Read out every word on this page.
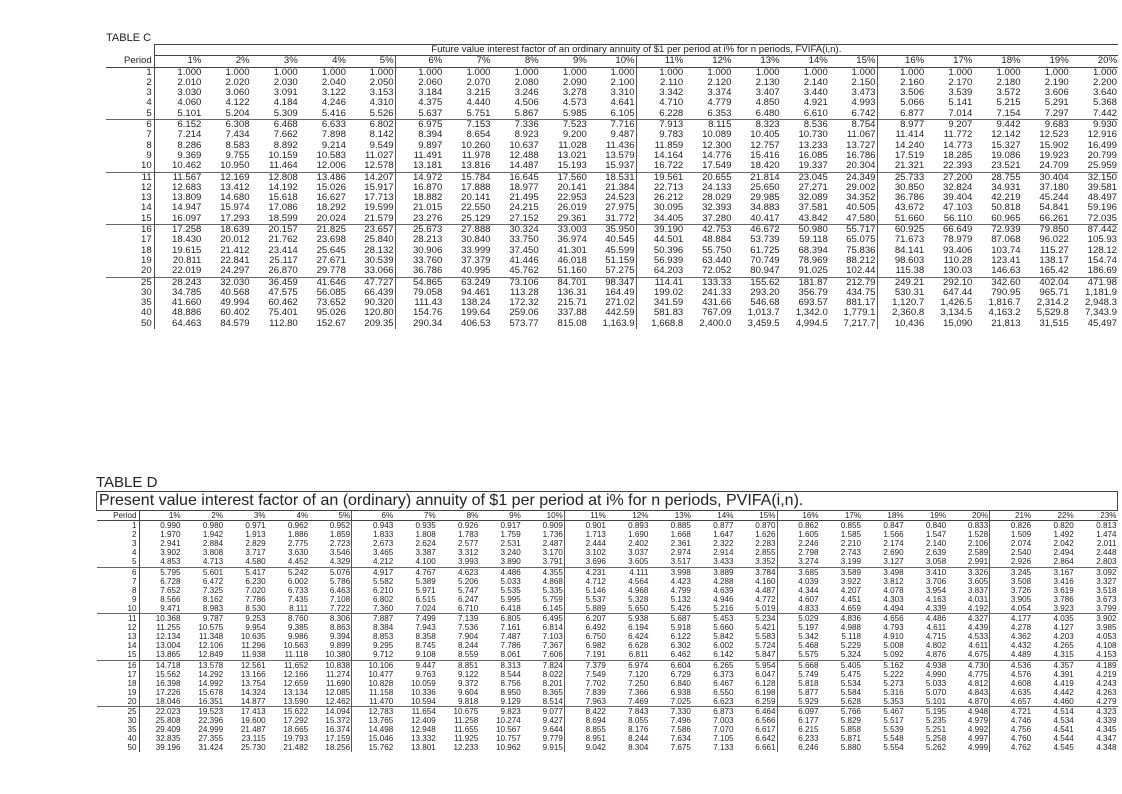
TABLE C
	Future value interest factor of an ordinary annuity of $1 per period at i% for n periods, FVIFA(i,n).																			
Period	1%	2%	3%	4%	5%	6%	7%	8%	9%	10%	11%	12%	13%	14%	15%	16%	17%	18%	19%	20%
1	1.000	1.000	1.000	1.000	1.000	1.000	1.000	1.000	1.000	1.000	1.000	1.000	1.000	1.000	1.000	1.000	1.000	1.000	1.000	1.000
2	2.010	2.020	2.030	2.040	2.050	2.060	2.070	2.080	2.090	2.100	2.110	2.120	2.130	2.140	2.150	2.160	2.170	2.180	2.190	2.200
3	3.030	3.060	3.091	3.122	3.153	3.184	3.215	3.246	3.278	3.310	3.342	3.374	3.407	3.440	3.473	3.506	3.539	3.572	3.606	3.640
4	4.060	4.122	4.184	4.246	4.310	4.375	4.440	4.506	4.573	4.641	4.710	4.779	4.850	4.921	4.993	5.066	5.141	5.215	5.291	5.368
5	5.101	5.204	5.309	5.416	5.526	5.637	5.751	5.867	5.985	6.105	6.228	6.353	6.480	6.610	6.742	6.877	7.014	7.154	7.297	7.442
6	6.152	6.308	6.468	6.633	6.802	6.975	7.153	7.336	7.523	7.716	7.913	8.115	8.323	8.536	8.754	8.977	9.207	9.442	9.683	9.930
7	7.214	7.434	7.662	7.898	8.142	8.394	8.654	8.923	9.200	9.487	9.783	10.089	10.405	10.730	11.067	11.414	11.772	12.142	12.523	12.916
8	8.286	8.583	8.892	9.214	9.549	9.897	10.260	10.637	11.028	11.436	11.859	12.300	12.757	13.233	13.727	14.240	14.773	15.327	15.902	16.499
9	9.369	9.755	10.159	10.583	11.027	11.491	11.978	12.488	13.021	13.579	14.164	14.776	15.416	16.085	16.786	17.519	18.285	19.086	19.923	20.799
10	10.462	10.950	11.464	12.006	12.578	13.181	13.816	14.487	15.193	15.937	16.722	17.549	18.420	19.337	20.304	21.321	22.393	23.521	24.709	25.959
11	11.567	12.169	12.808	13.486	14.207	14.972	15.784	16.645	17.560	18.531	19.561	20.655	21.814	23.045	24.349	25.733	27.200	28.755	30.404	32.150
12	12.683	13.412	14.192	15.026	15.917	16.870	17.888	18.977	20.141	21.384	22.713	24.133	25.650	27.271	29.002	30.850	32.824	34.931	37.180	39.581
13	13.809	14.680	15.618	16.627	17.713	18.882	20.141	21.495	22.953	24.523	26.212	28.029	29.985	32.089	34.352	36.786	39.404	42.219	45.244	48.497
14	14.947	15.974	17.086	18.292	19.599	21.015	22.550	24.215	26.019	27.975	30.095	32.393	34.883	37.581	40.505	43.672	47.103	50.818	54.841	59.196
15	16.097	17.293	18.599	20.024	21.579	23.276	25.129	27.152	29.361	31.772	34.405	37.280	40.417	43.842	47.580	51.660	56.110	60.965	66.261	72.035
16	17.258	18.639	20.157	21.825	23.657	25.673	27.888	30.324	33.003	35.950	39.190	42.753	46.672	50.980	55.717	60.925	66.649	72.939	79.850	87.442
17	18.430	20.012	21.762	23.698	25.840	28.213	30.840	33.750	36.974	40.545	44.501	48.884	53.739	59.118	65.075	71.673	78.979	87.068	96.022	105.93
18	19.615	21.412	23.414	25.645	28.132	30.906	33.999	37.450	41.301	45.599	50.396	55.750	61.725	68.394	75.836	84.141	93.406	103.74	115.27	128.12
19	20.811	22.841	25.117	27.671	30.539	33.760	37.379	41.446	46.018	51.159	56.939	63.440	70.749	78.969	88.212	98.603	110.28	123.41	138.17	154.74
20	22.019	24.297	26.870	29.778	33.066	36.786	40.995	45.762	51.160	57.275	64.203	72.052	80.947	91.025	102.44	115.38	130.03	146.63	165.42	186.69
25	28.243	32.030	36.459	41.646	47.727	54.865	63.249	73.106	84.701	98.347	114.41	133.33	155.62	181.87	212.79	249.21	292.10	342.60	402.04	471.98
30	34.785	40.568	47.575	56.085	66.439	79.058	94.461	113.28	136.31	164.49	199.02	241.33	293.20	356.79	434.75	530.31	647.44	790.95	965.71	1,181.9
35	41.660	49.994	60.462	73.652	90.320	111.43	138.24	172.32	215.71	271.02	341.59	431.66	546.68	693.57	881.17	1,120.7	1,426.5	1,816.7	2,314.2	2,948.3
40	48.886	60.402	75.401	95.026	120.80	154.76	199.64	259.06	337.88	442.59	581.83	767.09	1,013.7	1,342.0	1,779.1	2,360.8	3,134.5	4,163.2	5,529.8	7,343.9
50	64.463	84.579	112.80	152.67	209.35	290.34	406.53	573.77	815.08	1,163.9	1,668.8	2,400.0	3,459.5	4,994.5	7,217.7	10,436	15,090	21,813	31,515	45,497
TABLE D
Present value interest factor of an (ordinary) annuity of $1 per period at i% for n periods, PVIFA(i,n).																							
Period	1%	2%	3%	4%	5%	6%	7%	8%	9%	10%	11%	12%	13%	14%	15%	16%	17%	18%	19%	20%	21%	22%	23%
1	0.990	0.980	0.971	0.962	0.952	0.943	0.935	0.926	0.917	0.909	0.901	0.893	0.885	0.877	0.870	0.862	0.855	0.847	0.840	0.833	0.826	0.820	0.813
2	1.970	1.942	1.913	1.886	1.859	1.833	1.808	1.783	1.759	1.736	1.713	1.690	1.668	1.647	1.626	1.605	1.585	1.566	1.547	1.528	1.509	1.492	1.474
3	2.941	2.884	2.829	2.775	2.723	2.673	2.624	2.577	2.531	2.487	2.444	2.402	2.361	2.322	2.283	2.246	2.210	2.174	2.140	2.106	2.074	2.042	2.011
4	3.902	3.808	3.717	3.630	3.546	3.465	3.387	3.312	3.240	3.170	3.102	3.037	2.974	2.914	2.855	2.798	2.743	2.690	2.639	2.589	2.540	2.494	2.448
5	4.853	4.713	4.580	4.452	4.329	4.212	4.100	3.993	3.890	3.791	3.696	3.605	3.517	3.433	3.352	3.274	3.199	3.127	3.058	2.991	2.926	2.864	2.803
6	5.795	5.601	5.417	5.242	5.076	4.917	4.767	4.623	4.486	4.355	4.231	4.111	3.998	3.889	3.784	3.685	3.589	3.498	3.410	3.326	3.245	3.167	3.092
7	6.728	6.472	6.230	6.002	5.786	5.582	5.389	5.206	5.033	4.868	4.712	4.564	4.423	4.288	4.160	4.039	3.922	3.812	3.706	3.605	3.508	3.416	3.327
8	7.652	7.325	7.020	6.733	6.463	6.210	5.971	5.747	5.535	5.335	5.146	4.968	4.799	4.639	4.487	4.344	4.207	4.078	3.954	3.837	3.726	3.619	3.518
9	8.566	8.162	7.786	7.435	7.108	6.802	6.515	6.247	5.995	5.759	5.537	5.328	5.132	4.946	4.772	4.607	4.451	4.303	4.163	4.031	3.905	3.786	3.673
10	9.471	8.983	8.530	8.111	7.722	7.360	7.024	6.710	6.418	6.145	5.889	5.650	5.426	5.216	5.019	4.833	4.659	4.494	4.339	4.192	4.054	3.923	3.799
11	10.368	9.787	9.253	8.760	8.306	7.887	7.499	7.139	6.805	6.495	6.207	5.938	5.687	5.453	5.234	5.029	4.836	4.656	4.486	4.327	4.177	4.035	3.902
12	11.255	10.575	9.954	9.385	8.863	8.384	7.943	7.536	7.161	6.814	6.492	6.194	5.918	5.660	5.421	5.197	4.988	4.793	4.611	4.439	4.278	4.127	3.985
13	12.134	11.348	10.635	9.986	9.394	8.853	8.358	7.904	7.487	7.103	6.750	6.424	6.122	5.842	5.583	5.342	5.118	4.910	4.715	4.533	4.362	4.203	4.053
14	13.004	12.106	11.296	10.563	9.899	9.295	8.745	8.244	7.786	7.367	6.982	6.628	6.302	6.002	5.724	5.468	5.229	5.008	4.802	4.611	4.432	4.265	4.108
15	13.865	12.849	11.938	11.118	10.380	9.712	9.108	8.559	8.061	7.606	7.191	6.811	6.462	6.142	5.847	5.575	5.324	5.092	4.876	4.675	4.489	4.315	4.153
16	14.718	13.578	12.561	11.652	10.838	10.106	9.447	8.851	8.313	7.824	7.379	6.974	6.604	6.265	5.954	5.668	5.405	5.162	4.938	4.730	4.536	4.357	4.189
17	15.562	14.292	13.166	12.166	11.274	10.477	9.763	9.122	8.544	8.022	7.549	7.120	6.729	6.373	6.047	5.749	5.475	5.222	4.990	4.775	4.576	4.391	4.219
18	16.398	14.992	13.754	12.659	11.690	10.828	10.059	9.372	8.756	8.201	7.702	7.250	6.840	6.467	6.128	5.818	5.534	5.273	5.033	4.812	4.608	4.419	4.243
19	17.226	15.678	14.324	13.134	12.085	11.158	10.336	9.604	8.950	8.365	7.839	7.366	6.938	6.550	6.198	5.877	5.584	5.316	5.070	4.843	4.635	4.442	4.263
20	18.046	16.351	14.877	13.590	12.462	11.470	10.594	9.818	9.129	8.514	7.963	7.469	7.025	6.623	6.259	5.929	5.628	5.353	5.101	4.870	4.657	4.460	4.279
25	22.023	19.523	17.413	15.622	14.094	12.783	11.654	10.675	9.823	9.077	8.422	7.843	7.330	6.873	6.464	6.097	5.766	5.467	5.195	4.948	4.721	4.514	4.323
30	25.808	22.396	19.600	17.292	15.372	13.765	12.409	11.258	10.274	9.427	8.694	8.055	7.496	7.003	6.566	6.177	5.829	5.517	5.235	4.979	4.746	4.534	4.339
35	29.409	24.999	21.487	18.665	16.374	14.498	12.948	11.655	10.567	9.644	8.855	8.176	7.586	7.070	6.617	6.215	5.858	5.539	5.251	4.992	4.756	4.541	4.345
40	32.835	27.355	23.115	19.793	17.159	15.046	13.332	11.925	10.757	9.779	8.951	8.244	7.634	7.105	6.642	6.233	5.871	5.548	5.258	4.997	4.760	4.544	4.347
50	39.196	31.424	25.730	21.482	18.256	15.762	13.801	12.233	10.962	9.915	9.042	8.304	7.675	7.133	6.661	6.246	5.880	5.554	5.262	4.999	4.762	4.545	4.348
